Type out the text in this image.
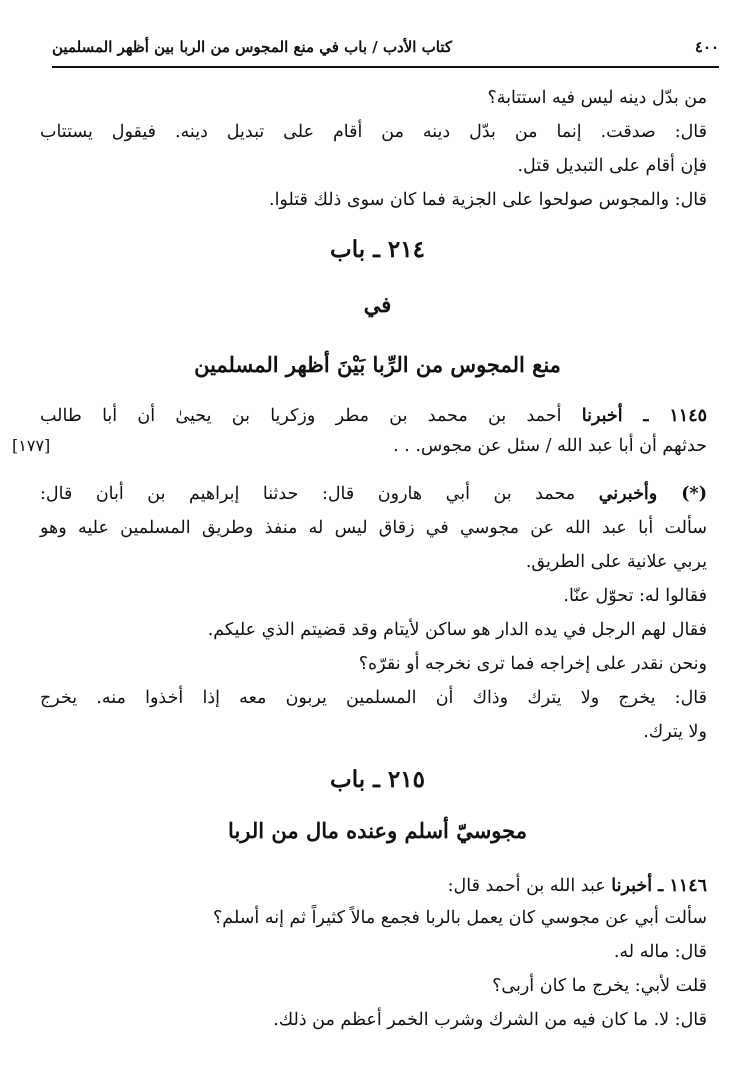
٤٠٠
كتاب الأدب / باب في منع المجوس من الربا بين أظهر المسلمين
من بدّل دينه ليس فيه استتابة؟
قال: صدقت. إنما من بدّل دينه من أقام على تبديل دينه. فيقول يستتاب
فإن أقام على التبديل قتل.
قال: والمجوس صولحوا على الجزية فما كان سوى ذلك قتلوا.
٢١٤ ـ باب
في
منع المجوس من الرِّبا بَيْنَ أظهر المسلمين
١١٤٥ ـ أخبرنا أحمد بن محمد بن مطر وزكريا بن يحيىٰ أن أبا طالب
حدثهم أن أبا عبد الله / سئل عن مجوس. . .
[١٧٧]
(*) وأخبرني محمد بن أبي هارون قال: حدثنا إبراهيم بن أبان قال:
سألت أبا عبد الله عن مجوسي في زقاق ليس له منفذ وطريق المسلمين عليه وهو
يربي علانية على الطريق.
فقالوا له: تحوّل عنّا.
فقال لهم الرجل في يده الدار هو ساكن لأيتام وقد قضيتم الذي عليكم.
ونحن نقدر على إخراجه فما ترى نخرجه أو نقرّه؟
قال: يخرج ولا يترك وذاك أن المسلمين يربون معه إذا أخذوا منه. يخرج
ولا يترك.
٢١٥ ـ باب
مجوسيّ أسلم وعنده مال من الربا
١١٤٦ ـ أخبرنا عبد الله بن أحمد قال:
سألت أبي عن مجوسي كان يعمل بالربا فجمع مالاً كثيراً ثم إنه أسلم؟
قال: ماله له.
قلت لأبي: يخرج ما كان أربى؟
قال: لا. ما كان فيه من الشرك وشرب الخمر أعظم من ذلك.
